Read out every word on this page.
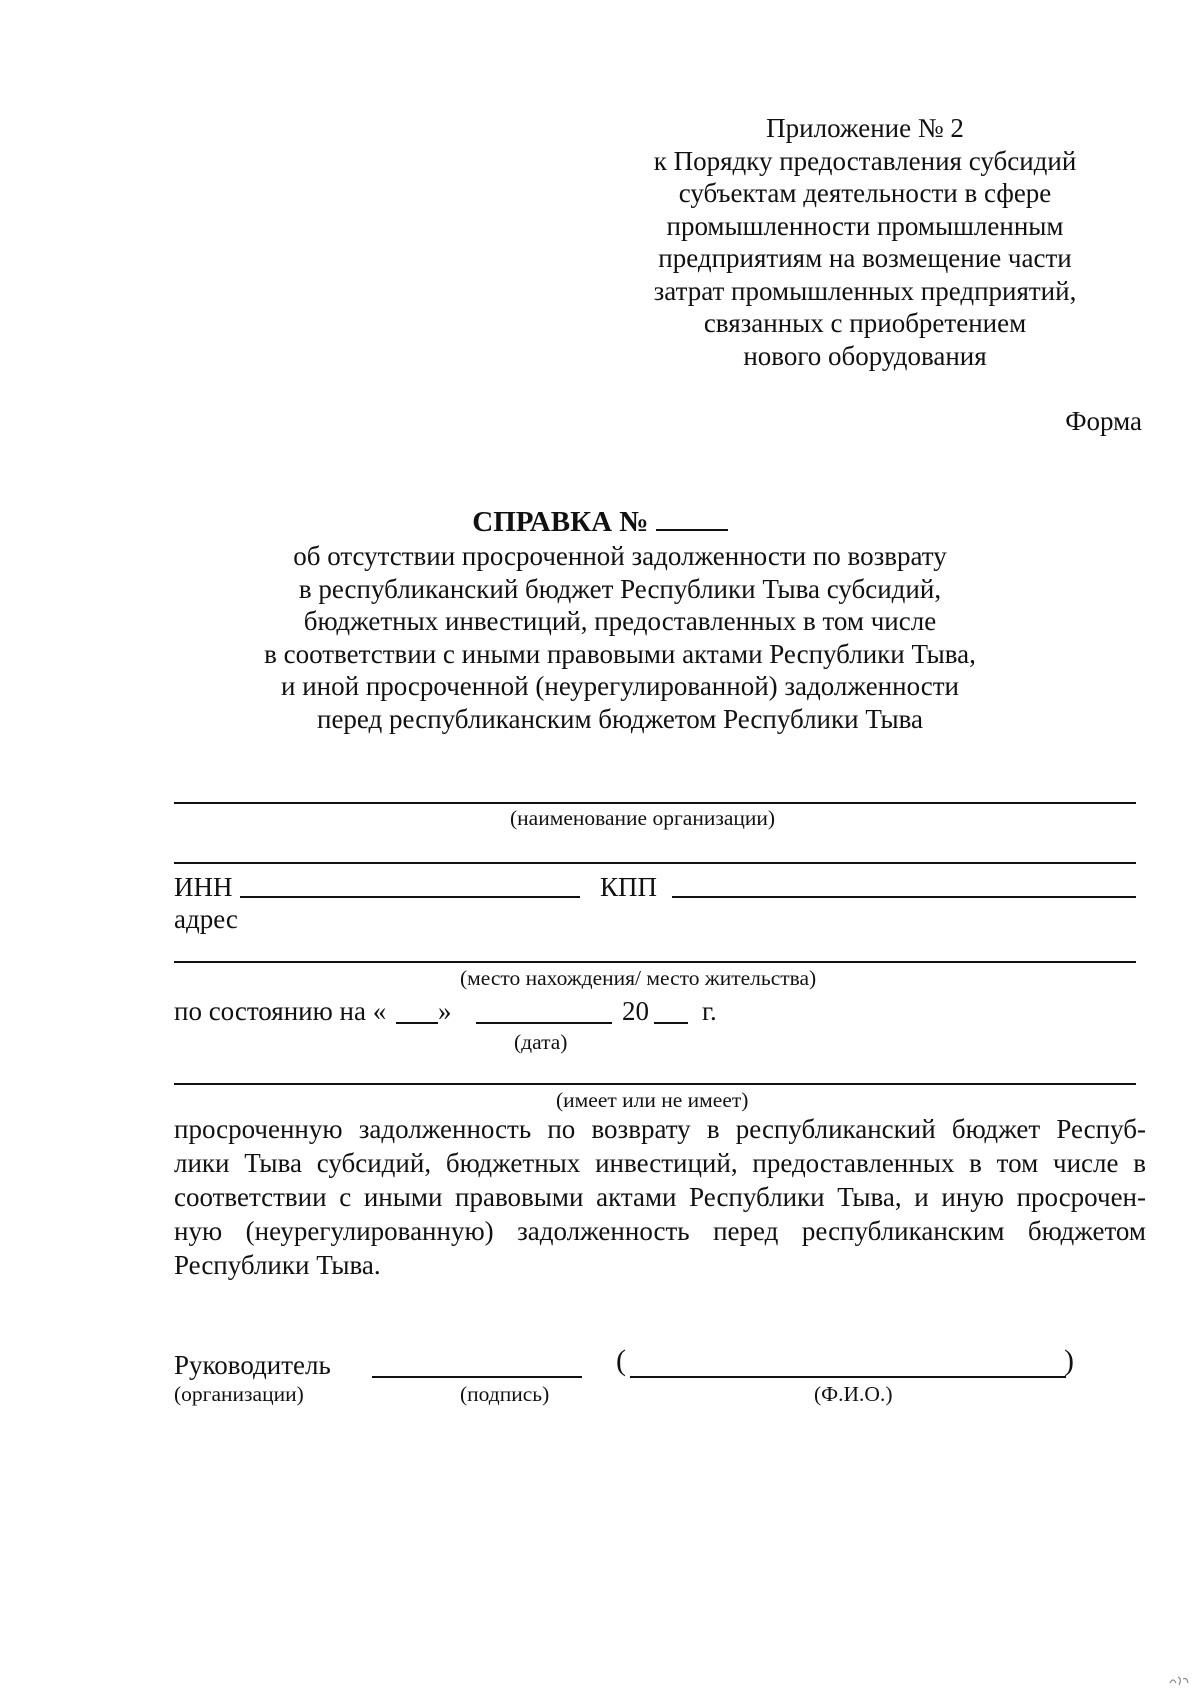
Приложение № 2
к Порядку предоставления субсидий
субъектам деятельности в сфере
промышленности промышленным
предприятиям на возмещение части
затрат промышленных предприятий,
связанных с приобретением
нового оборудования
Форма
СПРАВКА №
об отсутствии просроченной задолженности по возврату
в республиканский бюджет Республики Тыва субсидий,
бюджетных инвестиций, предоставленных в том числе
в соответствии с иными правовыми актами Республики Тыва,
и иной просроченной (неурегулированной) задолженности
перед республиканским бюджетом Республики Тыва
(наименование организации)
ИНН	КПП
адрес
(место нахождения/ место жительства)
по состоянию на « »	20 г.
(дата)
(имеет или не имеет)
просроченную задолженность по возврату в республиканский бюджет Респуб-
лики Тыва субсидий, бюджетных инвестиций, предоставленных в том числе в
соответствии с иными правовыми актами Республики Тыва, и иную просрочен-
ную (неурегулированную) задолженность перед республиканским бюджетом
Республики Тыва.
Руководитель	(	)
(организации)	(подпись)	(Ф.И.О.)
